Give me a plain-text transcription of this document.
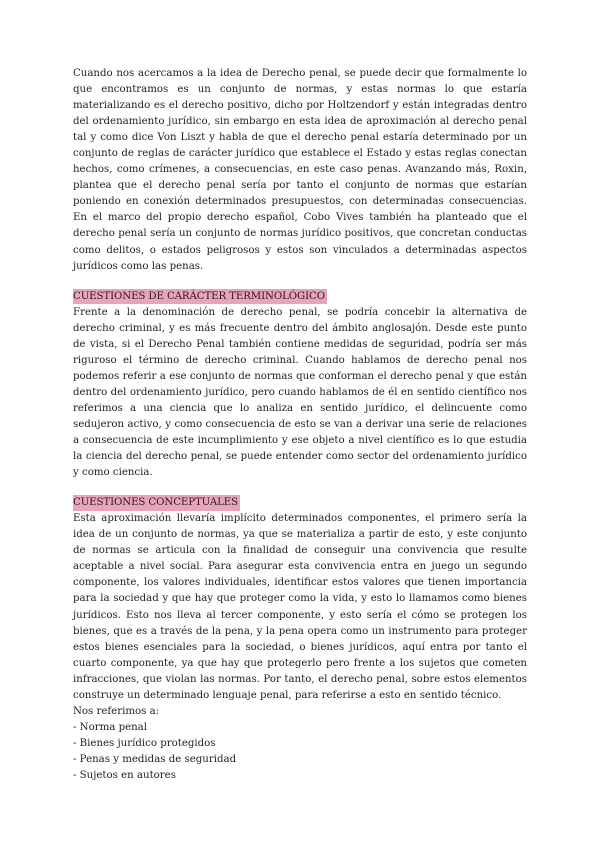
Cuando nos acercamos a la idea de Derecho penal, se puede decir que formalmente lo que encontramos es un conjunto de normas, y estas normas lo que estaría materializando es el derecho positivo, dicho por Holtzendorf y están integradas dentro del ordenamiento jurídico, sin embargo en esta idea de aproximación al derecho penal tal y como dice Von Liszt y habla de que el derecho penal estaría determinado por un conjunto de reglas de carácter jurídico que establece el Estado y estas reglas conectan hechos, como crímenes, a consecuencias, en este caso penas. Avanzando más, Roxin, plantea que el derecho penal sería por tanto el conjunto de normas que estarían poniendo en conexión determinados presupuestos, con determinadas consecuencias. En el marco del propio derecho español, Cobo Vives también ha planteado que el derecho penal sería un conjunto de normas jurídico positivos, que concretan conductas como delitos, o estados peligrosos y estos son vinculados a determinadas aspectos jurídicos como las penas.

CUESTIONES DE CARÁCTER TERMINOLÓGICO

Frente a la denominación de derecho penal, se podría concebir la alternativa de derecho criminal, y es más frecuente dentro del ámbito anglosajón. Desde este punto de vista, si el Derecho Penal también contiene medidas de seguridad, podría ser más riguroso el término de derecho criminal. Cuando hablamos de derecho penal nos podemos referir a ese conjunto de normas que conforman el derecho penal y que están dentro del ordenamiento jurídico, pero cuando hablamos de él en sentido científico nos referimos a una ciencia que lo analiza en sentido jurídico, el delincuente como sedujeron activo, y como consecuencia de esto se van a derivar una serie de relaciones a consecuencia de este incumplimiento y ese objeto a nivel científico es lo que estudia la ciencia del derecho penal, se puede entender como sector del ordenamiento jurídico y como ciencia.

CUESTIONES CONCEPTUALES

Esta aproximación llevaría implícito determinados componentes, el primero sería la idea de un conjunto de normas, ya que se materializa a partir de esto, y este conjunto de normas se articula con la finalidad de conseguir una convivencia que resulte aceptable a nivel social. Para asegurar esta convivencia entra en juego un segundo componente, los valores individuales, identificar estos valores que tienen importancia para la sociedad y que hay que proteger como la vida, y esto lo llamamos como bienes jurídicos. Esto nos lleva al tercer componente, y esto sería el cómo se protegen los bienes, que es a través de la pena, y la pena opera como un instrumento para proteger estos bienes esenciales para la sociedad, o bienes jurídicos, aquí entra por tanto el cuarto componente, ya que hay que protegerlo pero frente a los sujetos que cometen infracciones, que violan las normas. Por tanto, el derecho penal, sobre estos elementos construye un determinado lenguaje penal, para referirse a esto en sentido técnico.

Nos referimos a:

- Norma penal
- Bienes jurídico protegidos
- Penas y medidas de seguridad
- Sujetos en autores
